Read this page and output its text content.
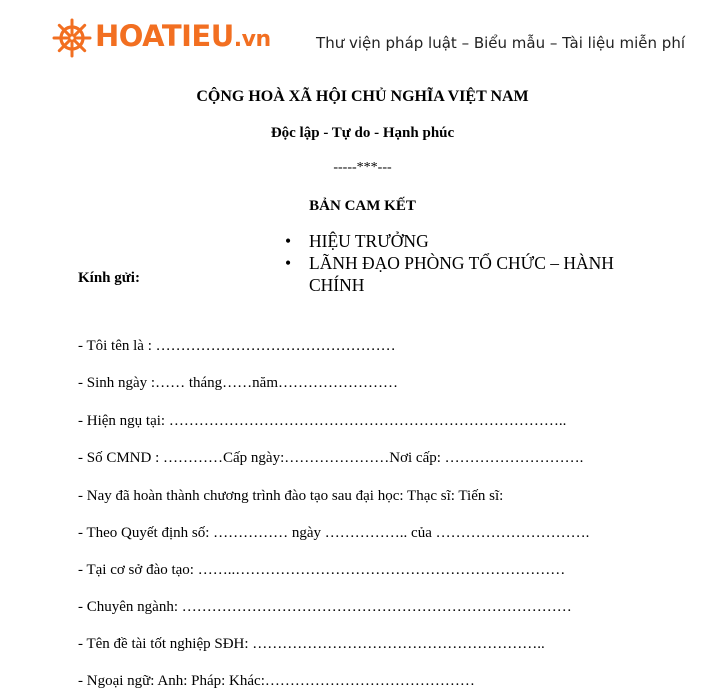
HOATIEU.vn	Thư viện pháp luật – Biểu mẫu – Tài liệu miễn phí
CỘNG HOÀ XÃ HỘI CHỦ NGHĨA VIỆT NAM
Độc lập - Tự do - Hạnh phúc
-----***---
BẢN CAM KẾT
Kính gửi:
• HIỆU TRƯỞNG
• LÃNH ĐẠO PHÒNG TỔ CHỨC – HÀNH CHÍNH
- Tôi tên là : …………………………………………
- Sinh ngày :…… tháng……năm……………………
- Hiện ngụ tại: ……………………………………………………………………..
- Số CMND : …………Cấp ngày:…………………Nơi cấp: ……………………….
- Nay đã hoàn thành chương trình đào tạo sau đại học: Thạc sĩ: Tiến sĩ:
- Theo Quyết định số: …………… ngày …………….. của ………………………….
- Tại cơ sở đào tạo: ……..…………………………………………………………
- Chuyên ngành: ……………………………………………………………………
- Tên đề tài tốt nghiệp SĐH: …………………………………………………..
- Ngoại ngữ: Anh: Pháp: Khác:……………………………………
